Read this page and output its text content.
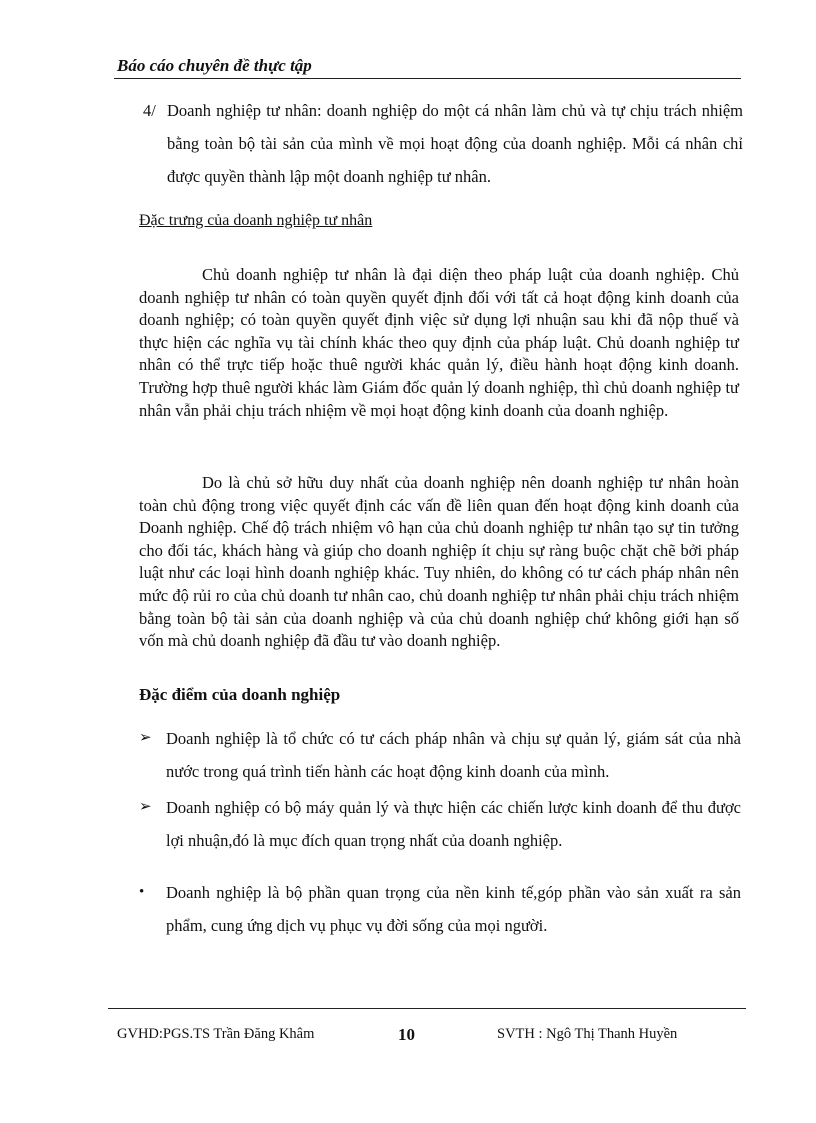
Báo cáo chuyên đề thực tập
4/ Doanh nghiệp tư nhân: doanh nghiệp do một cá nhân làm chủ và tự chịu trách nhiệm bằng toàn bộ tài sản của mình về mọi hoạt động của doanh nghiệp. Mỗi cá nhân chỉ được quyền thành lập một doanh nghiệp tư nhân.
Đặc trưng của doanh nghiệp tư nhân

Chủ doanh nghiệp tư nhân là đại diện theo pháp luật của doanh nghiệp. Chủ doanh nghiệp tư nhân có toàn quyền quyết định đối với tất cả hoạt động kinh doanh của doanh nghiệp; có toàn quyền quyết định việc sử dụng lợi nhuận sau khi đã nộp thuế và thực hiện các nghĩa vụ tài chính khác theo quy định của pháp luật. Chủ doanh nghiệp tư nhân có thể trực tiếp hoặc thuê người khác quản lý, điều hành hoạt động kinh doanh. Trường hợp thuê người khác làm Giám đốc quản lý doanh nghiệp, thì chủ doanh nghiệp tư nhân vẫn phải chịu trách nhiệm về mọi hoạt động kinh doanh của doanh nghiệp.

Do là chủ sở hữu duy nhất của doanh nghiệp nên doanh nghiệp tư nhân hoàn toàn chủ động trong việc quyết định các vấn đề liên quan đến hoạt động kinh doanh của Doanh nghiệp. Chế độ trách nhiệm vô hạn của chủ doanh nghiệp tư nhân tạo sự tin tưởng cho đối tác, khách hàng và giúp cho doanh nghiệp ít chịu sự ràng buộc chặt chẽ bởi pháp luật như các loại hình doanh nghiệp khác. Tuy nhiên, do không có tư cách pháp nhân nên mức độ rủi ro của chủ doanh tư nhân cao, chủ doanh nghiệp tư nhân phải chịu trách nhiệm bằng toàn bộ tài sản của doanh nghiệp và của chủ doanh nghiệp chứ không giới hạn số vốn mà chủ doanh nghiệp đã đầu tư vào doanh nghiệp.

Đặc điểm của doanh nghiệp
➢ Doanh nghiệp là tổ chức có tư cách pháp nhân và chịu sự quản lý, giám sát của nhà nước trong quá trình tiến hành các hoạt động kinh doanh của mình.
➢ Doanh nghiệp có bộ máy quản lý và thực hiện các chiến lược kinh doanh để thu được lợi nhuận,đó là mục đích quan trọng nhất của doanh nghiệp.
• Doanh nghiệp là bộ phần quan trọng của nền kinh tế,góp phần vào sản xuất ra sản phẩm, cung ứng dịch vụ phục vụ đời sống của mọi người.
GVHD:PGS.TS Trần Đăng Khâm	10	SVTH : Ngô Thị Thanh Huyền
